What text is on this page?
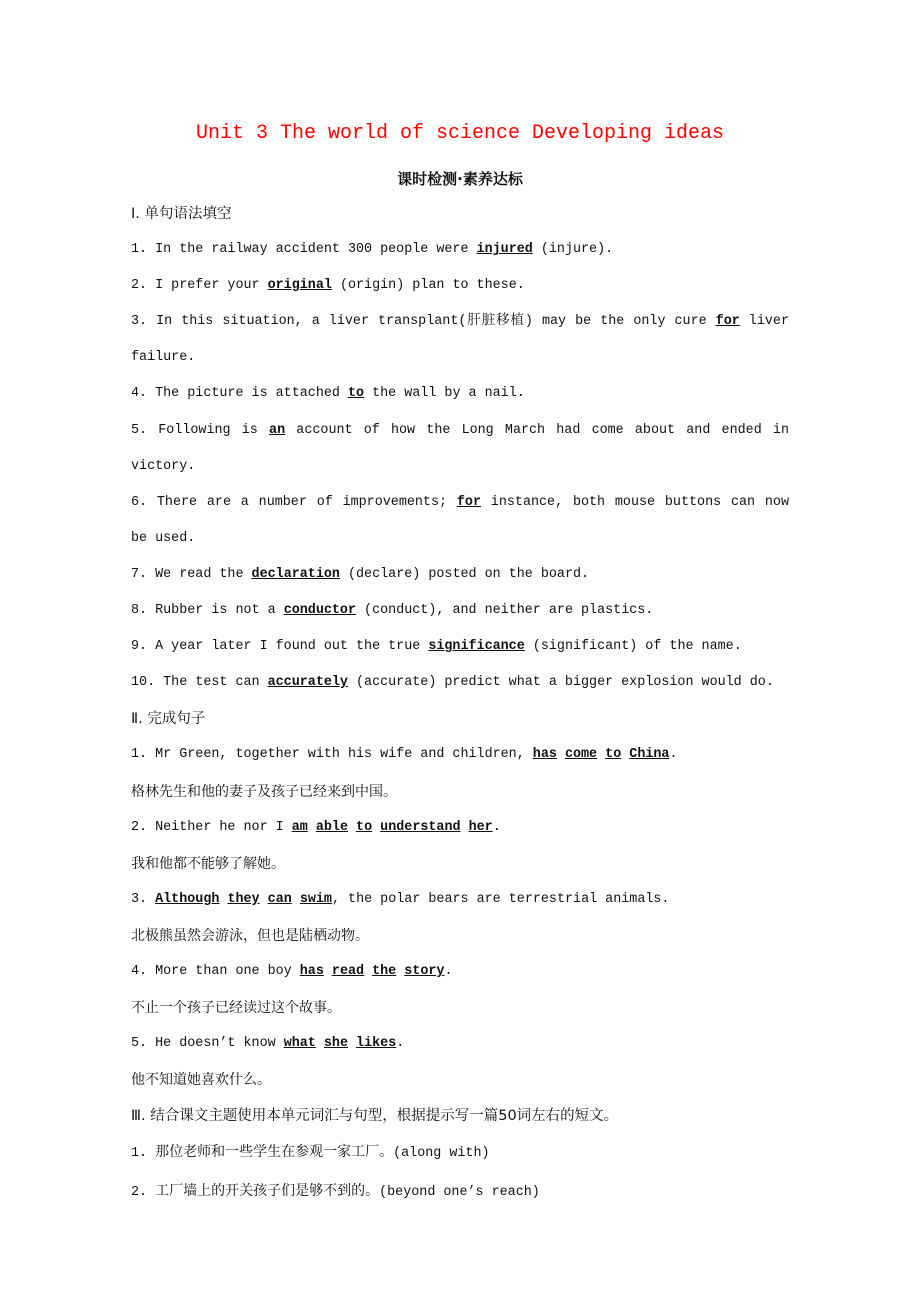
Unit 3 The world of science Developing ideas
课时检测·素养达标
Ⅰ. 单句语法填空
1. In the railway accident 300 people were injured (injure).
2. I prefer your original (origin) plan to these.
3. In this situation, a liver transplant(肝脏移植) may be the only cure for liver failure.
4. The picture is attached to the wall by a nail.
5. Following is an account of how the Long March had come about and ended in victory.
6. There are a number of improvements; for instance, both mouse buttons can now be used.
7. We read the declaration (declare) posted on the board.
8. Rubber is not a conductor (conduct), and neither are plastics.
9. A year later I found out the true significance (significant) of the name.
10. The test can accurately (accurate) predict what a bigger explosion would do.
Ⅱ. 完成句子
1. Mr Green, together with his wife and children, has come to China.
格林先生和他的妻子及孩子已经来到中国。
2. Neither he nor I am able to understand her.
我和他都不能够了解她。
3. Although they can swim, the polar bears are terrestrial animals.
北极熊虽然会游泳，但也是陆栖动物。
4. More than one boy has read the story.
不止一个孩子已经读过这个故事。
5. He doesn’t know what she likes.
他不知道她喜欢什么。
Ⅲ. 结合课文主题使用本单元词汇与句型，根据提示写一篇50词左右的短文。
1. 那位老师和一些学生在参观一家工厂。(along with)
2. 工厂墙上的开关孩子们是够不到的。(beyond one’s reach)
